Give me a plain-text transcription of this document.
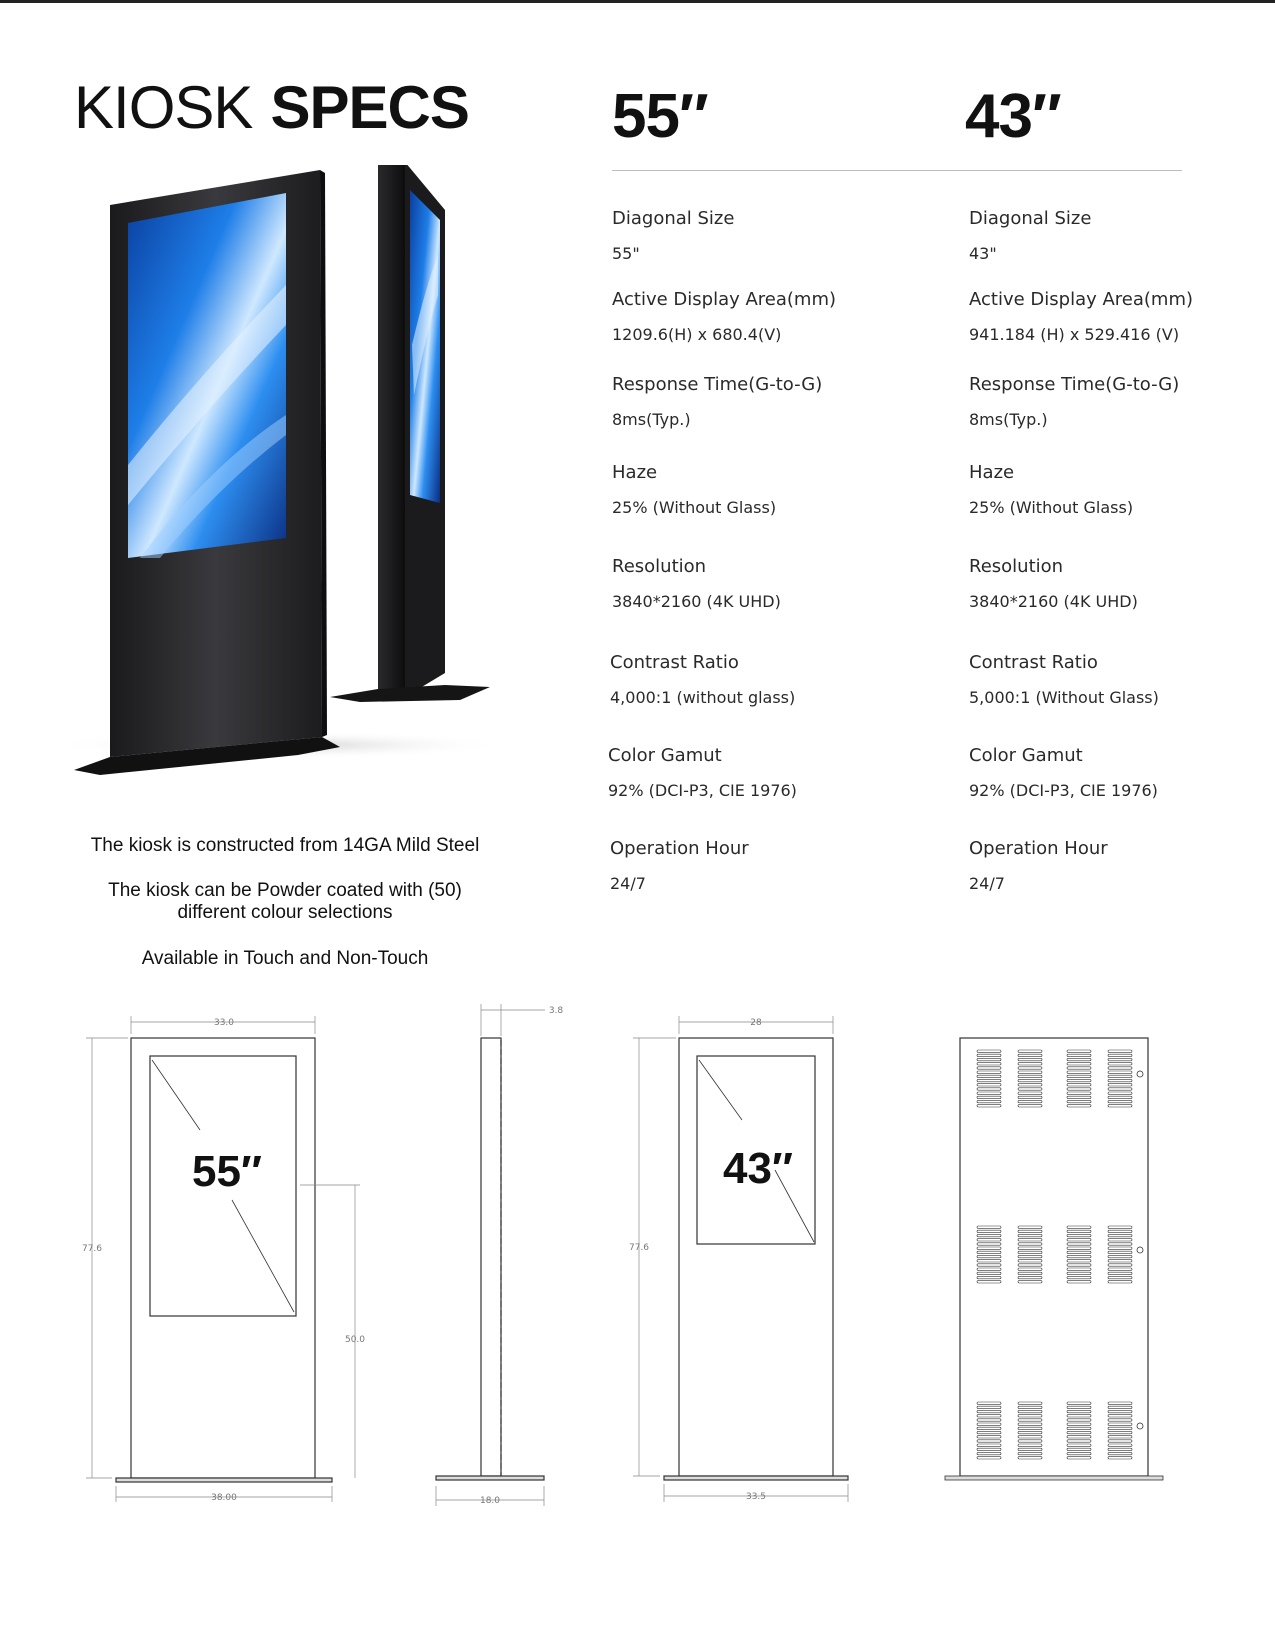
KIOSK SPECS 55″	43″
Diagonal Size
55"
Active Display Area(mm)
1209.6(H) x 680.4(V)
Response Time(G-to-G)
8ms(Typ.)
Haze
25% (Without Glass)
Resolution
3840*2160 (4K UHD)
Contrast Ratio
4,000:1 (without glass)
Color Gamut
92% (DCI-P3, CIE 1976)
Operation Hour
24/7
Diagonal Size
43"
Active Display Area(mm)
941.184 (H) x 529.416 (V)
Response Time(G-to-G)
8ms(Typ.)
Haze
25% (Without Glass)
Resolution
3840*2160 (4K UHD)
Contrast Ratio
5,000:1 (Without Glass)
Color Gamut
92% (DCI-P3, CIE 1976)
Operation Hour
24/7
The kiosk is constructed from 14GA Mild Steel
The kiosk can be Powder coated with (50)
different colour selections
Available in Touch and Non-Touch
33.0
77.6
50.0
38.00
55″
3.8
18.0
28
77.6
33.5
43″
